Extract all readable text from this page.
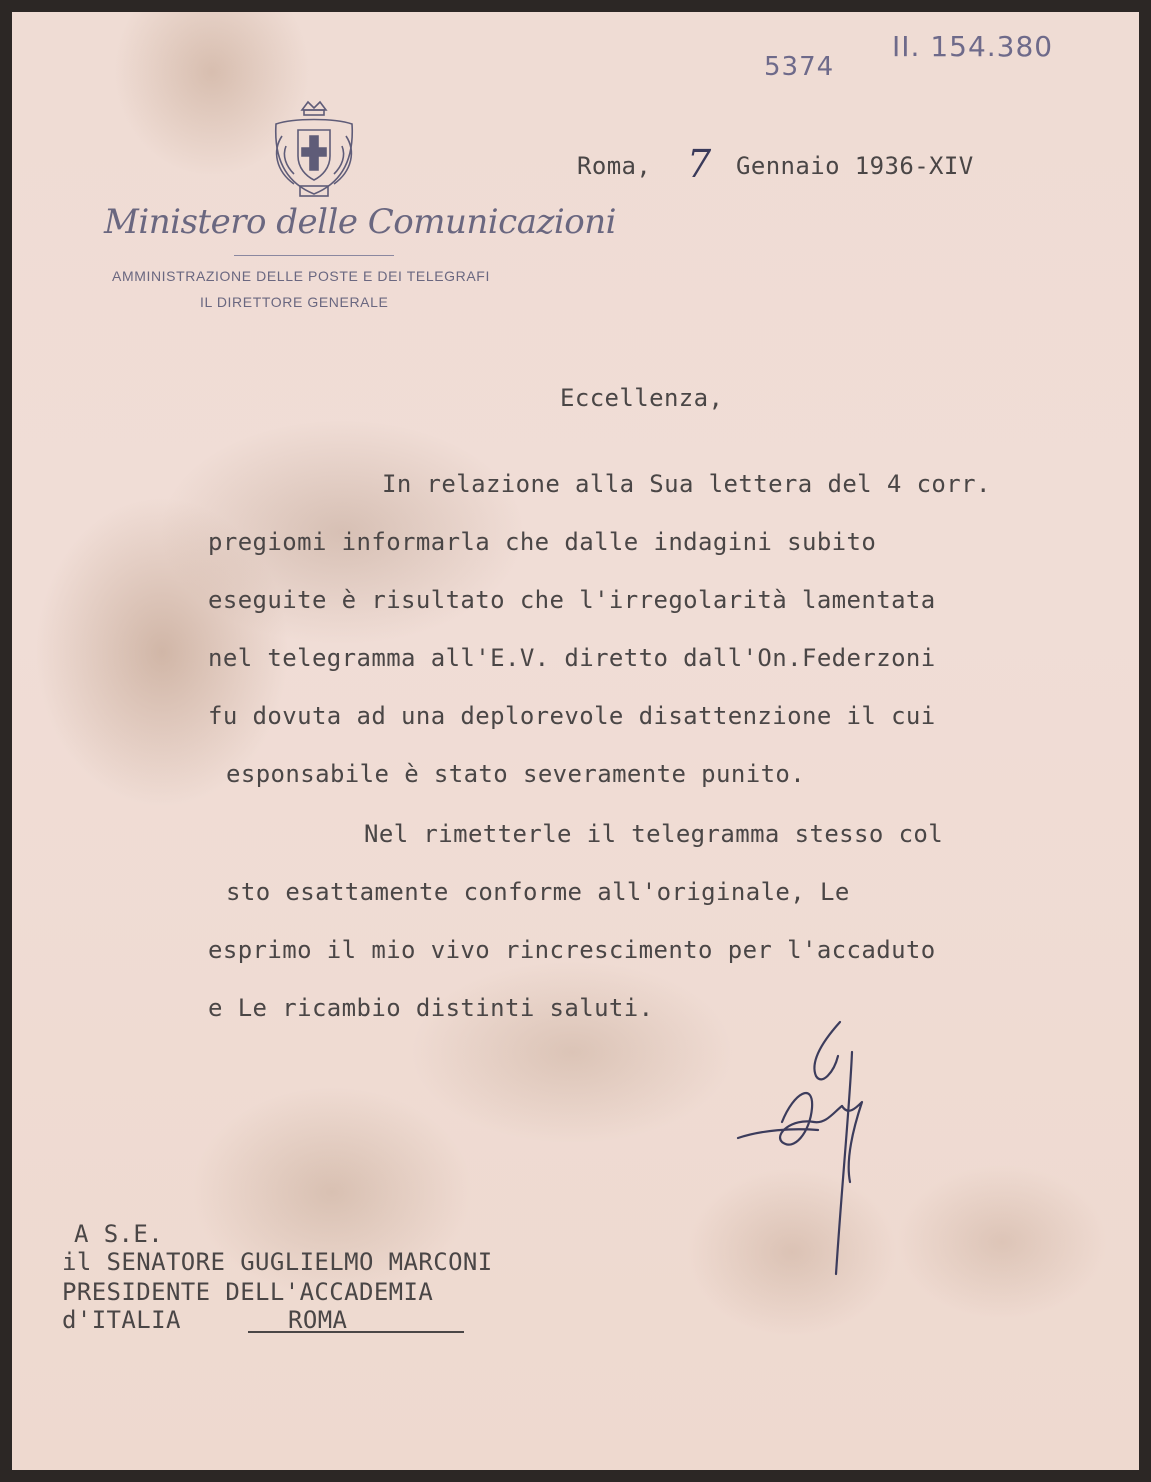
5374
II. 154.380
Ministero delle Comunicazioni
AMMINISTRAZIONE DELLE POSTE E DEI TELEGRAFI
IL DIRETTORE GENERALE
Roma, 7 Gennaio 1936-XIV
Eccellenza,
In relazione alla Sua lettera del 4 corr.
pregiomi informarla che dalle indagini subito
eseguite è risultato che l'irregolarità lamentata
nel telegramma all'E.V. diretto dall'On.Federzoni
fu dovuta ad una deplorevole disattenzione il cui
esponsabile è stato severamente punito.
Nel rimetterle il telegramma stesso col
sto esattamente conforme all'originale, Le
esprimo il mio vivo rincrescimento per l'accaduto
e Le ricambio distinti saluti.
A S.E.
il SENATORE GUGLIELMO MARCONI
PRESIDENTE DELL'ACCADEMIA
d'ITALIA	ROMA
